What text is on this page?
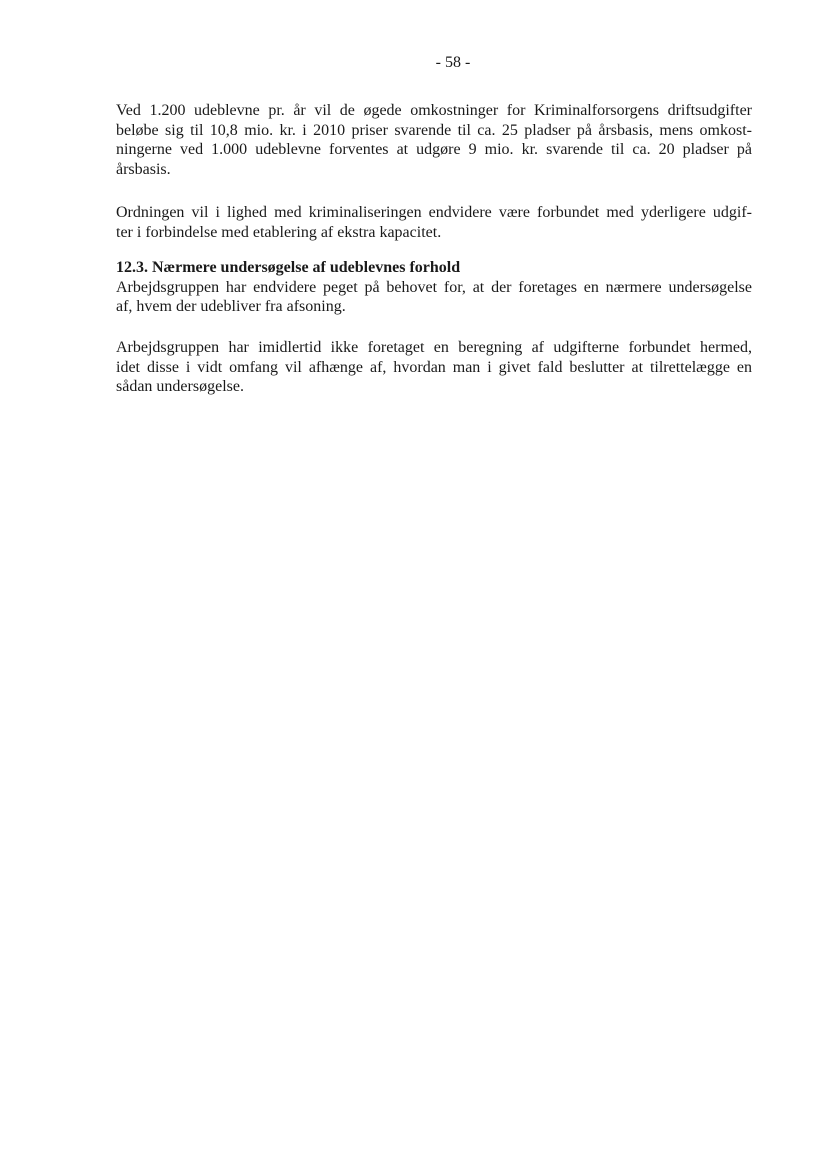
- 58 -
Ved 1.200 udeblevne pr. år vil de øgede omkostninger for Kriminalforsorgens driftsudgifter
beløbe sig til 10,8 mio. kr. i 2010 priser svarende til ca. 25 pladser på årsbasis, mens omkost-
ningerne ved 1.000 udeblevne forventes at udgøre 9 mio. kr. svarende til ca. 20 pladser på
årsbasis.
Ordningen vil i lighed med kriminaliseringen endvidere være forbundet med yderligere udgif-
ter i forbindelse med etablering af ekstra kapacitet.
12.3. Nærmere undersøgelse af udeblevnes forhold
Arbejdsgruppen har endvidere peget på behovet for, at der foretages en nærmere undersøgelse
af, hvem der udebliver fra afsoning.
Arbejdsgruppen har imidlertid ikke foretaget en beregning af udgifterne forbundet hermed,
idet disse i vidt omfang vil afhænge af, hvordan man i givet fald beslutter at tilrettelægge en
sådan undersøgelse.
